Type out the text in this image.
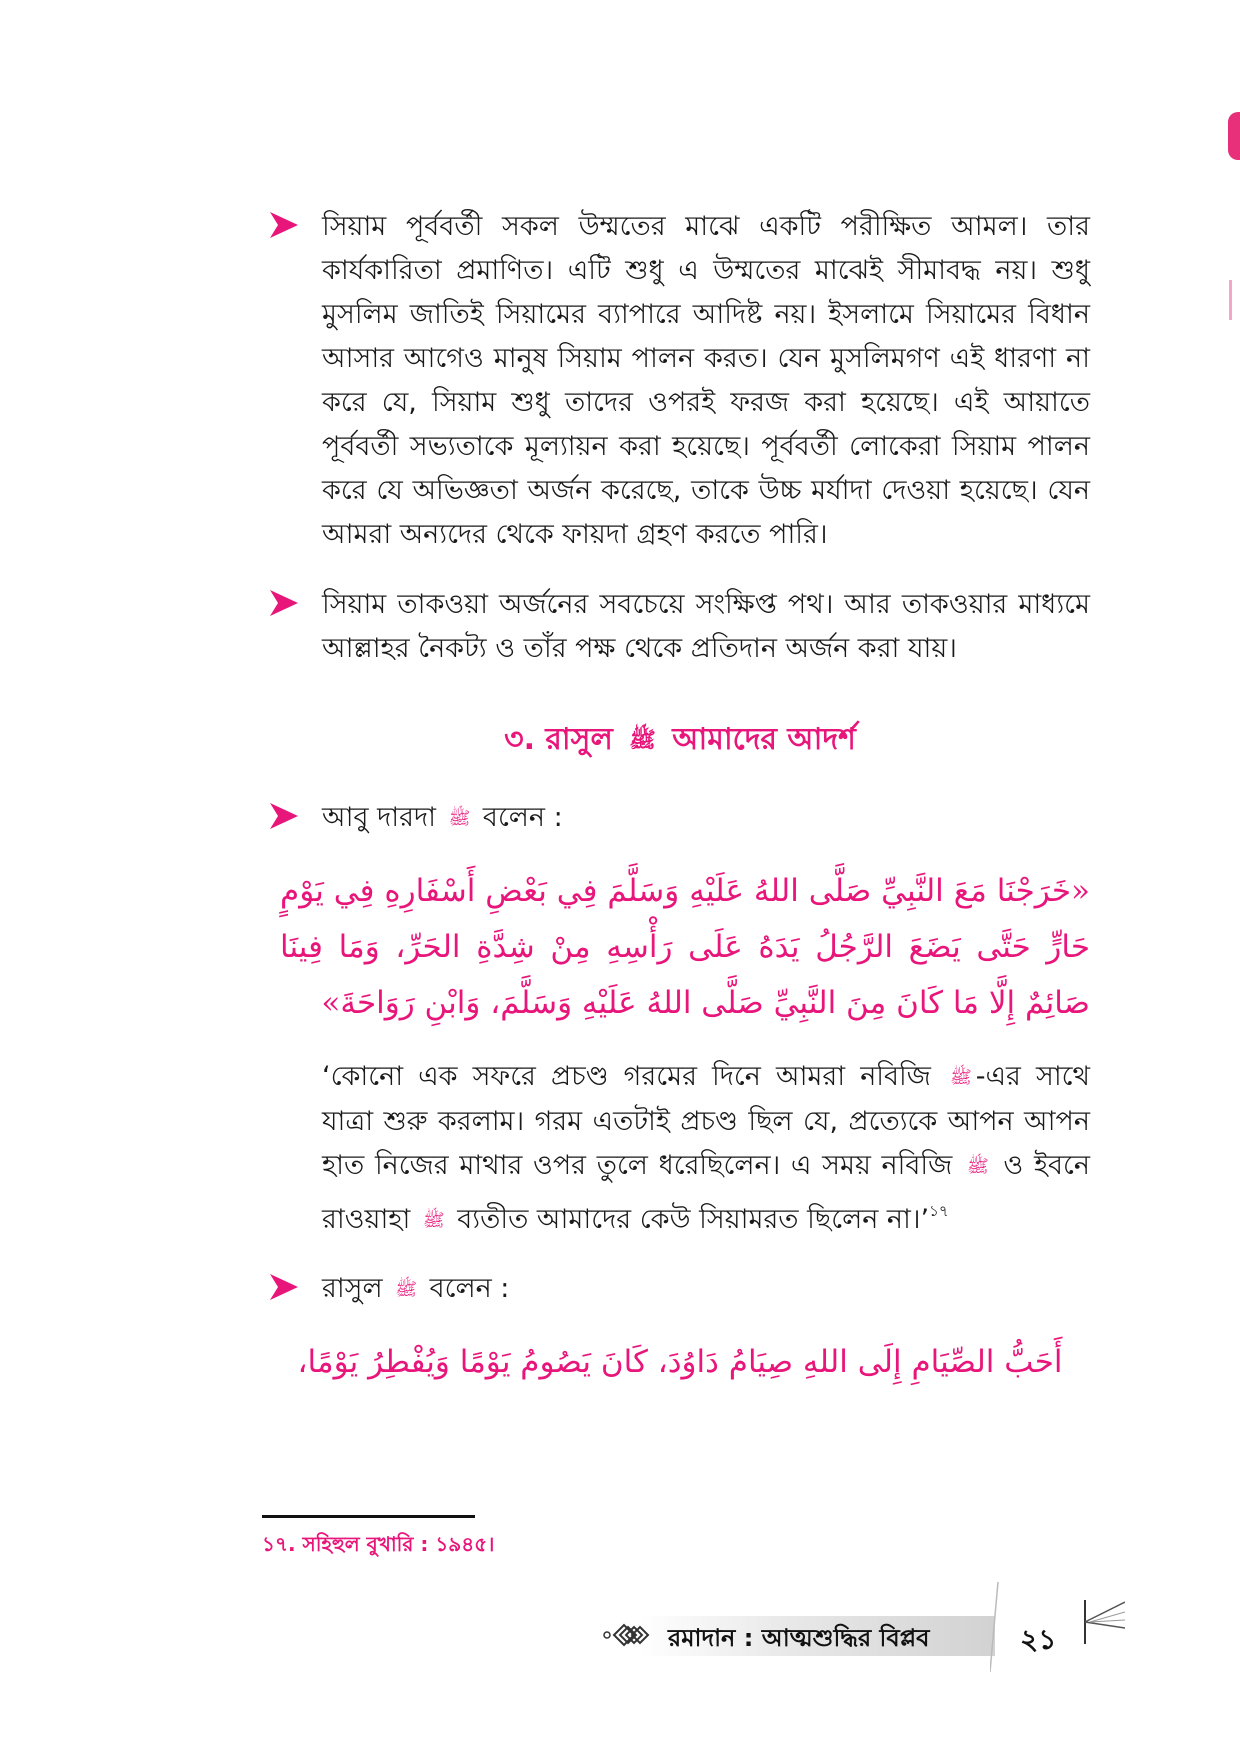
সিয়াম পূর্ববর্তী সকল উম্মতের মাঝে একটি পরীক্ষিত আমল। তার কার্যকারিতা প্রমাণিত। এটি শুধু এ উম্মতের মাঝেই সীমাবদ্ধ নয়। শুধু মুসলিম জাতিই সিয়ামের ব্যাপারে আদিষ্ট নয়। ইসলামে সিয়ামের বিধান আসার আগেও মানুষ সিয়াম পালন করত। যেন মুসলিমগণ এই ধারণা না করে যে, সিয়াম শুধু তাদের ওপরই ফরজ করা হয়েছে। এই আয়াতে পূর্ববর্তী সভ্যতাকে মূল্যায়ন করা হয়েছে। পূর্ববর্তী লোকেরা সিয়াম পালন করে যে অভিজ্ঞতা অর্জন করেছে, তাকে উচ্চ মর্যাদা দেওয়া হয়েছে। যেন আমরা অন্যদের থেকে ফায়দা গ্রহণ করতে পারি।

সিয়াম তাকওয়া অর্জনের সবচেয়ে সংক্ষিপ্ত পথ। আর তাকওয়ার মাধ্যমে আল্লাহর নৈকট্য ও তাঁর পক্ষ থেকে প্রতিদান অর্জন করা যায়।

৩. রাসুল ﷺ আমাদের আদর্শ

আবু দারদা ﷺ বলেন :

«خَرَجْنَا مَعَ النَّبِيِّ صَلَّى اللهُ عَلَيْهِ وَسَلَّمَ فِي بَعْضِ أَسْفَارِهِ فِي يَوْمٍ حَارٍّ حَتَّى يَضَعَ الرَّجُلُ يَدَهُ عَلَى رَأْسِهِ مِنْ شِدَّةِ الحَرِّ، وَمَا فِينَا صَائِمٌ إِلَّا مَا كَانَ مِنَ النَّبِيِّ صَلَّى اللهُ عَلَيْهِ وَسَلَّمَ، وَابْنِ رَوَاحَةَ»

‘কোনো এক সফরে প্রচণ্ড গরমের দিনে আমরা নবিজি ﷺ -এর সাথে যাত্রা শুরু করলাম। গরম এতটাই প্রচণ্ড ছিল যে, প্রত্যেকে আপন আপন হাত নিজের মাথার ওপর তুলে ধরেছিলেন। এ সময় নবিজি ﷺ ও ইবনে রাওয়াহা ﷺ ব্যতীত আমাদের কেউ সিয়ামরত ছিলেন না।’$^{১৭}$

রাসুল ﷺ বলেন :

أَحَبُّ الصِّيَامِ إِلَى اللهِ صِيَامُ دَاوُدَ، كَانَ يَصُومُ يَوْمًا وَيُفْطِرُ يَوْمًا،

১৭. সহিহুল বুখারি : ১৯৪৫।
রমাদান : আত্মশুদ্ধির বিপ্লব	২১
